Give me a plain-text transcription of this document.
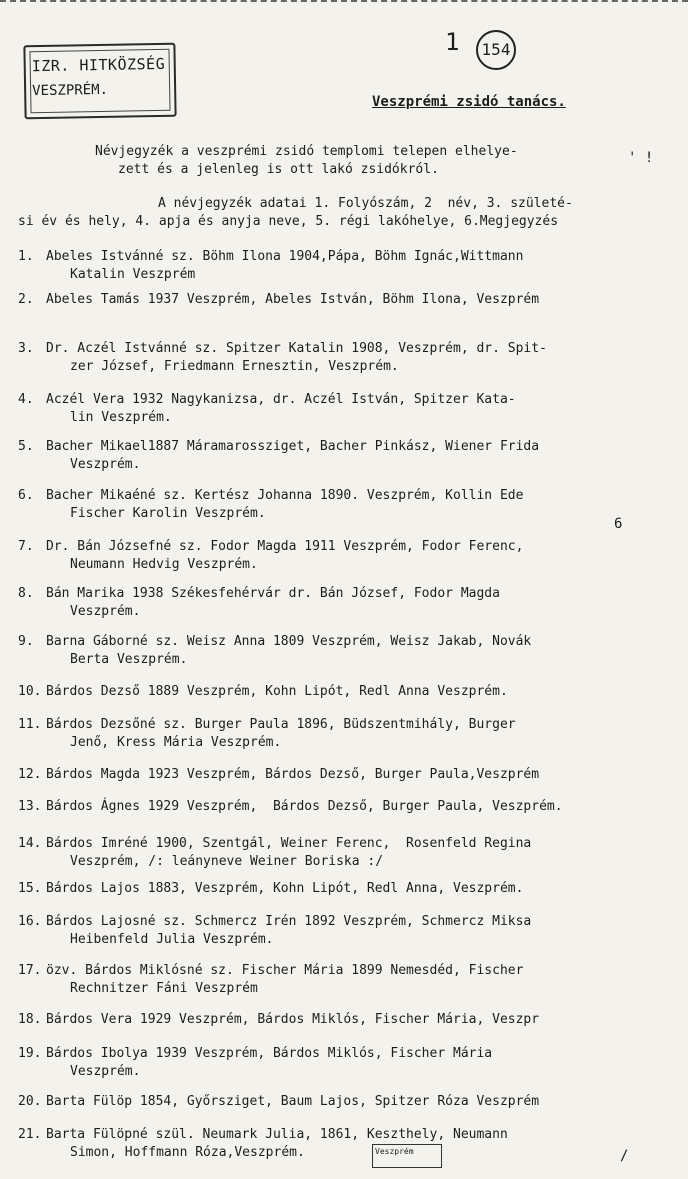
IZR. HITKÖZSÉG
VESZPRÉM.
1	154
Veszprémi zsidó tanács.
Névjegyzék a veszprémi zsidó templomi telepen elhelye-
zett és a jelenleg is ott lakó zsidókról.
A névjegyzék adatai 1. Folyószám, 2  név, 3. születé-
si év és hely, 4. apja és anyja neve, 5. régi lakóhelye, 6.Megjegyzés
1. Abeles Istvánné sz. Böhm Ilona 1904,Pápa, Böhm Ignác,Wittmann
Katalin Veszprém
2. Abeles Tamás 1937 Veszprém, Abeles István, Böhm Ilona, Veszprém
3. Dr. Aczél Istvánné sz. Spitzer Katalin 1908, Veszprém, dr. Spit-
zer József, Friedmann Ernesztin, Veszprém.
4. Aczél Vera 1932 Nagykanizsa, dr. Aczél István, Spitzer Kata-
lin Veszprém.
5. Bacher Mikael1887 Máramarossziget, Bacher Pinkász, Wiener Frida
Veszprém.
6. Bacher Mikaéné sz. Kertész Johanna 1890. Veszprém, Kollin Ede
Fischer Karolin Veszprém.
7. Dr. Bán Józsefné sz. Fodor Magda 1911 Veszprém, Fodor Ferenc,
Neumann Hedvig Veszprém.
8. Bán Marika 1938 Székesfehérvár dr. Bán József, Fodor Magda
Veszprém.
9. Barna Gáborné sz. Weisz Anna 1809 Veszprém, Weisz Jakab, Novák
Berta Veszprém.
10. Bárdos Dezső 1889 Veszprém, Kohn Lipót, Redl Anna Veszprém.
11. Bárdos Dezsőné sz. Burger Paula 1896, Büdszentmihály, Burger
Jenő, Kress Mária Veszprém.
12. Bárdos Magda 1923 Veszprém, Bárdos Dezső, Burger Paula,Veszprém
13. Bárdos Ágnes 1929 Veszprém,  Bárdos Dezső, Burger Paula, Veszprém.
14. Bárdos Imréné 1900, Szentgál, Weiner Ferenc,  Rosenfeld Regina
Veszprém, /: leányneve Weiner Boriska :/
15. Bárdos Lajos 1883, Veszprém, Kohn Lipót, Redl Anna, Veszprém.
16. Bárdos Lajosné sz. Schmercz Irén 1892 Veszprém, Schmercz Miksa
Heibenfeld Julia Veszprém.
17. özv. Bárdos Miklósné sz. Fischer Mária 1899 Nemesdéd, Fischer
Rechnitzer Fáni Veszprém
18. Bárdos Vera 1929 Veszprém, Bárdos Miklós, Fischer Mária, Veszpr
19. Bárdos Ibolya 1939 Veszprém, Bárdos Miklós, Fischer Mária
Veszprém.
20. Barta Fülöp 1854, Győrsziget, Baum Lajos, Spitzer Róza Veszprém
21. Barta Fülöpné szül. Neumark Julia, 1861, Keszthely, Neumann
Simon, Hoffmann Róza,Veszprém.	Veszprém
' !
6
/
